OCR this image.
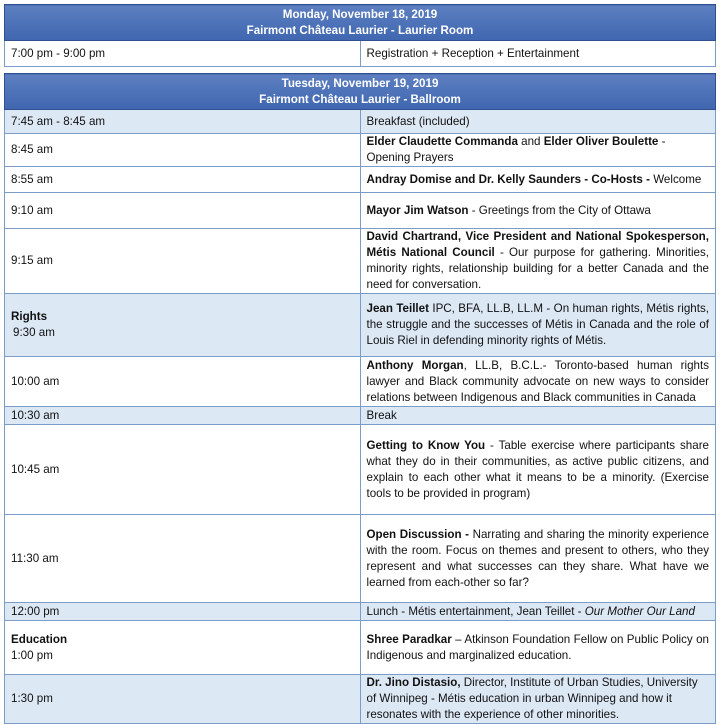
Monday, November 18, 2019
Fairmont Château Laurier - Laurier Room	

7:00 pm - 9:00 pm	Registration + Reception + Entertainment

Tuesday, November 19, 2019
Fairmont Château Laurier - Ballroom	

7:45 am - 8:45 am	Breakfast (included)
8:45 am	Elder Claudette Commanda and Elder Oliver Boulette - Opening Prayers
8:55 am	Andray Domise and Dr. Kelly Saunders - Co-Hosts - Welcome
9:10 am	Mayor Jim Watson - Greetings from the City of Ottawa
9:15 am	David Chartrand, Vice President and National Spokesperson, Métis National Council - Our purpose for gathering. Minorities, minority rights, relationship building for a better Canada and the need for conversation.

Rights
9:30 am	Jean Teillet IPC, BFA, LL.B, LL.M - On human rights, Métis rights, the struggle and the successes of Métis in Canada and the role of Louis Riel in defending minority rights of Métis.
10:00 am	Anthony Morgan, LL.B, B.C.L.- Toronto-based human rights lawyer and Black community advocate on new ways to consider relations between Indigenous and Black communities in Canada
10:30 am	Break
10:45 am	Getting to Know You - Table exercise where participants share what they do in their communities, as active public citizens, and explain to each other what it means to be a minority. (Exercise tools to be provided in program)
11:30 am	Open Discussion - Narrating and sharing the minority experience with the room. Focus on themes and present to others, who they represent and what successes can they share. What have we learned from each-other so far?
12:00 pm	Lunch - Métis entertainment, Jean Teillet - Our Mother Our Land

Education
1:00 pm	Shree Paradkar – Atkinson Foundation Fellow on Public Policy on Indigenous and marginalized education.
1:30 pm	Dr. Jino Distasio, Director, Institute of Urban Studies, University of Winnipeg - Métis education in urban Winnipeg and how it resonates with the experience of other minorities.
